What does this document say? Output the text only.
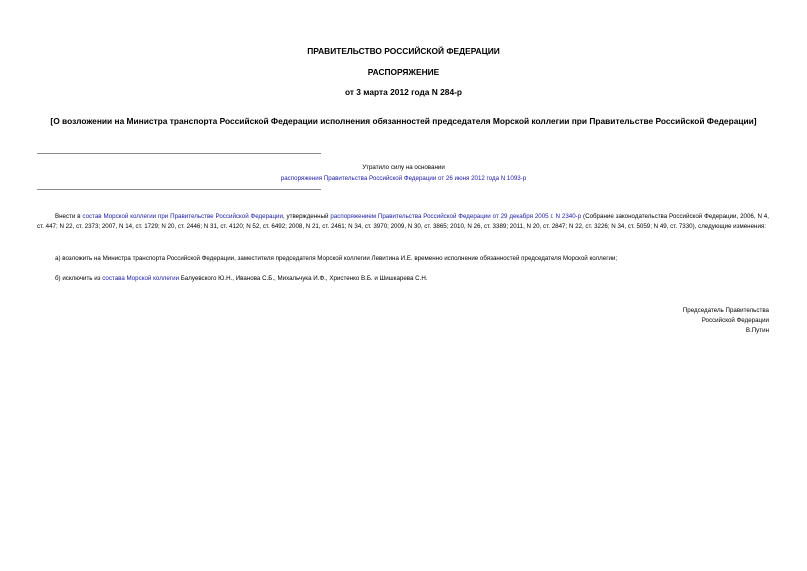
ПРАВИТЕЛЬСТВО РОССИЙСКОЙ ФЕДЕРАЦИИ
РАСПОРЯЖЕНИЕ
от 3 марта 2012 года N 284-р
[О возложении на Министра транспорта Российской Федерации исполнения обязанностей председателя Морской коллегии при Правительстве Российской Федерации]
Утратило силу на основании
распоряжения Правительства Российской Федерации от 26 июня 2012 года N 1093-р
Внести в состав Морской коллегии при Правительстве Российской Федерации, утвержденный распоряжением Правительства Российской Федерации от 29 декабря 2005 г. N 2340-р (Собрание законодательства Российской Федерации, 2006, N 4, ст. 447; N 22, ст. 2373; 2007, N 14, ст. 1729; N 20, ст. 2446; N 31, ст. 4120; N 52, ст. 6492; 2008, N 21, ст. 2461; N 34, ст. 3970; 2009, N 30, ст. 3865; 2010, N 26, ст. 3389; 2011, N 20, ст. 2847; N 22, ст. 3226; N 34, ст. 5059; N 49, ст. 7330), следующие изменения:
а) возложить на Министра транспорта Российской Федерации, заместителя председателя Морской коллегии Левитина И.Е. временно исполнение обязанностей председателя Морской коллегии;
б) исключить из состава Морской коллегии Балуевского Ю.Н., Иванова С.Б., Михальчука И.Ф., Христенко В.Б. и Шишкарева С.Н.
Председатель Правительства
Российской Федерации
В.Путин
